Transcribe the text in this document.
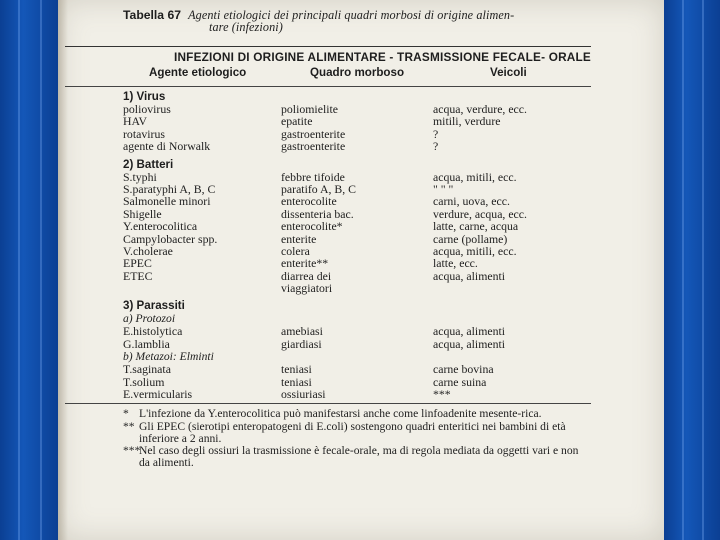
Tabella 67 Agenti etiologici dei principali quadri morbosi di origine alimen-
tare (infezioni)
INFEZIONI DI ORIGINE ALIMENTARE - TRASMISSIONE FECALE- ORALE
Agente etiologico	Quadro morboso	Veicoli
1) Virus
poliovirus	poliomielite	acqua, verdure, ecc.
HAV	epatite	mitili, verdure
rotavirus	gastroenterite	?
agente di Norwalk	gastroenterite	?
2) Batteri
S.typhi	febbre tifoide	acqua, mitili, ecc.
S.paratyphi A, B, C	paratifo A, B, C	" " "
Salmonelle minori	enterocolite	carni, uova, ecc.
Shigelle	dissenteria bac.	verdure, acqua, ecc.
Y.enterocolitica	enterocolite*	latte, carne, acqua
Campylobacter spp.	enterite	carne (pollame)
V.cholerae	colera	acqua, mitili, ecc.
EPEC	enterite**	latte, ecc.
ETEC	diarrea dei	acqua, alimenti
viaggiatori
3) Parassiti
a) Protozoi
E.histolytica	amebiasi	acqua, alimenti
G.lamblia	giardiasi	acqua, alimenti
b) Metazoi: Elminti
T.saginata	teniasi	carne bovina
T.solium	teniasi	carne suina
E.vermicularis	ossiuriasi	***
* L'infezione da Y.enterocolitica può manifestarsi anche come linfoadenite mesente-rica.
** Gli EPEC (sierotipi enteropatogeni di E.coli) sostengono quadri enteritici nei bambini di età inferiore a 2 anni.
***Nel caso degli ossiuri la trasmissione è fecale-orale, ma di regola mediata da oggetti vari e non da alimenti.
